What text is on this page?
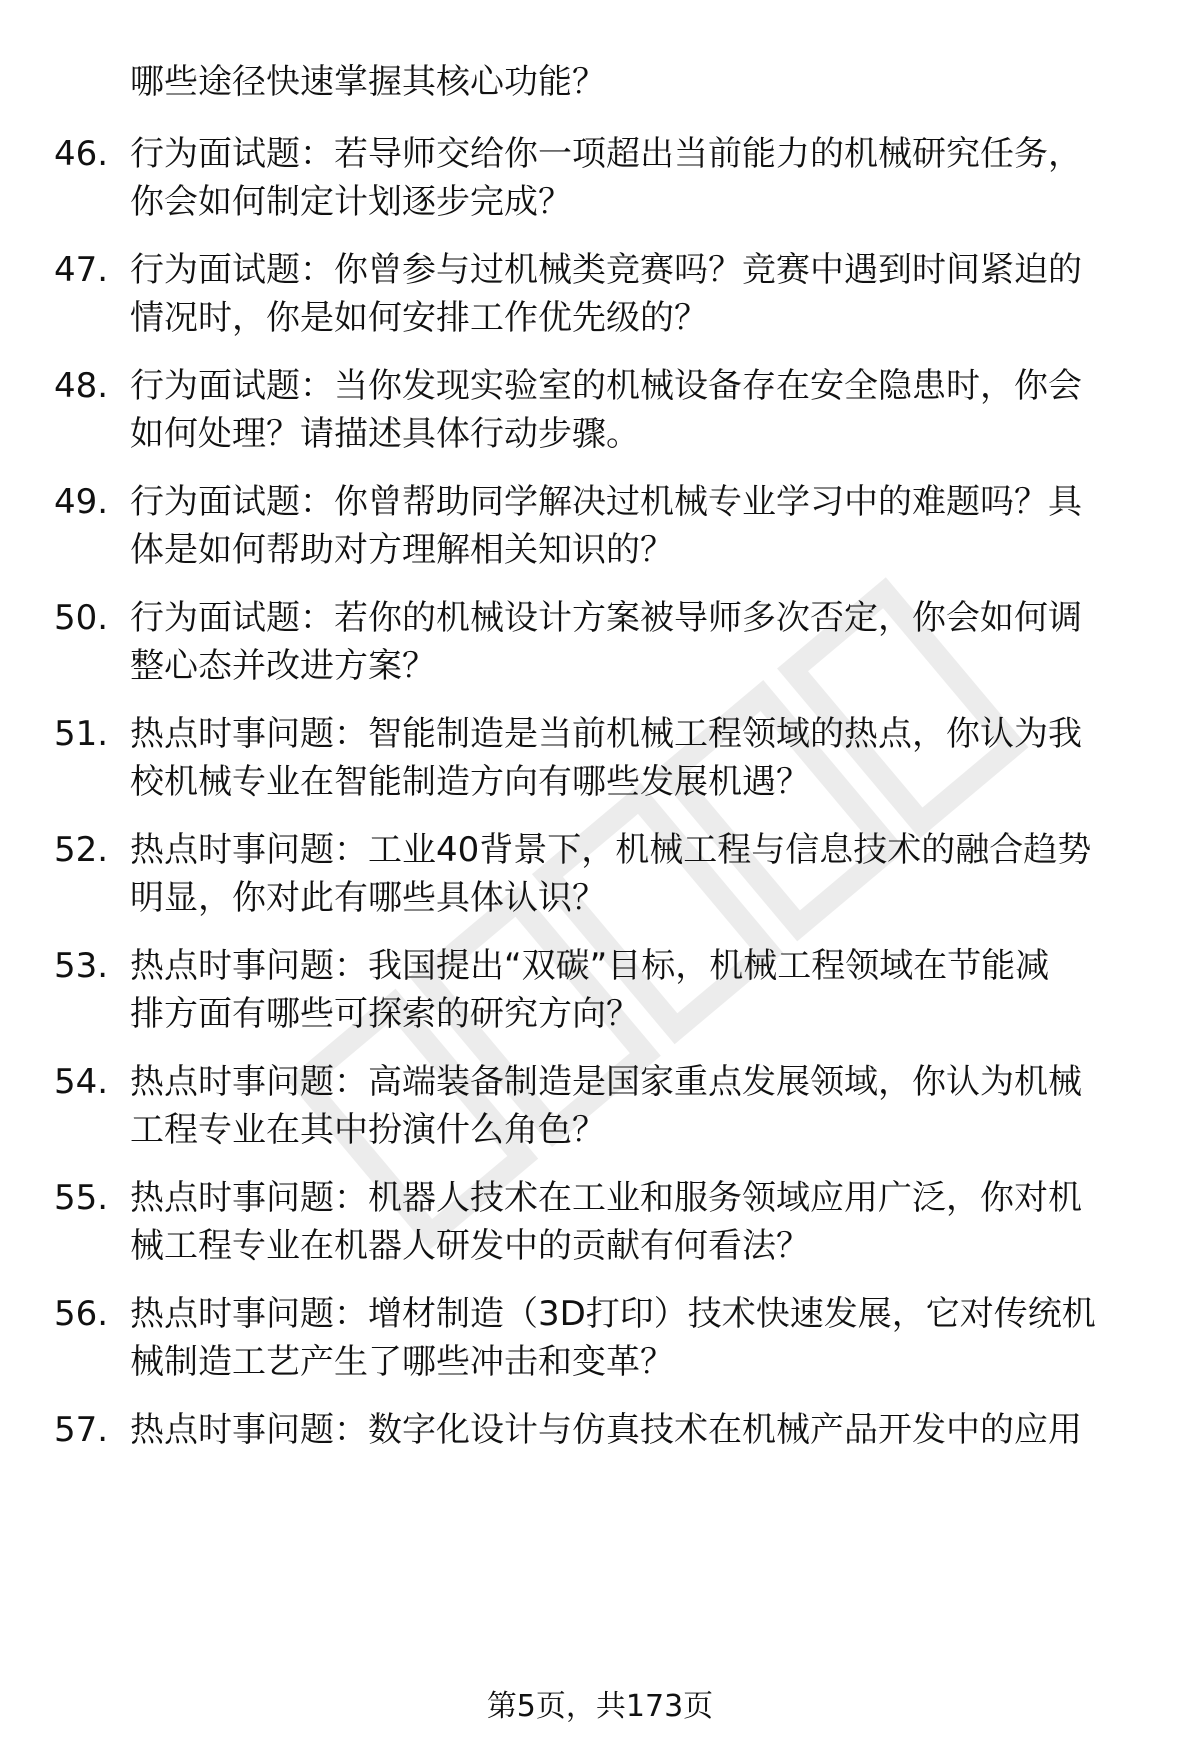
哪些途径快速掌握其核心功能？
46. 行为面试题：若导师交给你一项超出当前能力的机械研究任务，
你会如何制定计划逐步完成？
47. 行为面试题：你曾参与过机械类竞赛吗？竞赛中遇到时间紧迫的
情况时，你是如何安排工作优先级的？
48. 行为面试题：当你发现实验室的机械设备存在安全隐患时，你会
如何处理？请描述具体行动步骤。
49. 行为面试题：你曾帮助同学解决过机械专业学习中的难题吗？具
体是如何帮助对方理解相关知识的？
50. 行为面试题：若你的机械设计方案被导师多次否定，你会如何调
整心态并改进方案？
51. 热点时事问题：智能制造是当前机械工程领域的热点，你认为我
校机械专业在智能制造方向有哪些发展机遇？
52. 热点时事问题：工业40背景下，机械工程与信息技术的融合趋势
明显，你对此有哪些具体认识？
53. 热点时事问题：我国提出“双碳”目标，机械工程领域在节能减
排方面有哪些可探索的研究方向？
54. 热点时事问题：高端装备制造是国家重点发展领域，你认为机械
工程专业在其中扮演什么角色？
55. 热点时事问题：机器人技术在工业和服务领域应用广泛，你对机
械工程专业在机器人研发中的贡献有何看法？
56. 热点时事问题：增材制造（3D打印）技术快速发展，它对传统机
械制造工艺产生了哪些冲击和变革？
57. 热点时事问题：数字化设计与仿真技术在机械产品开发中的应用
第5页，共173页
